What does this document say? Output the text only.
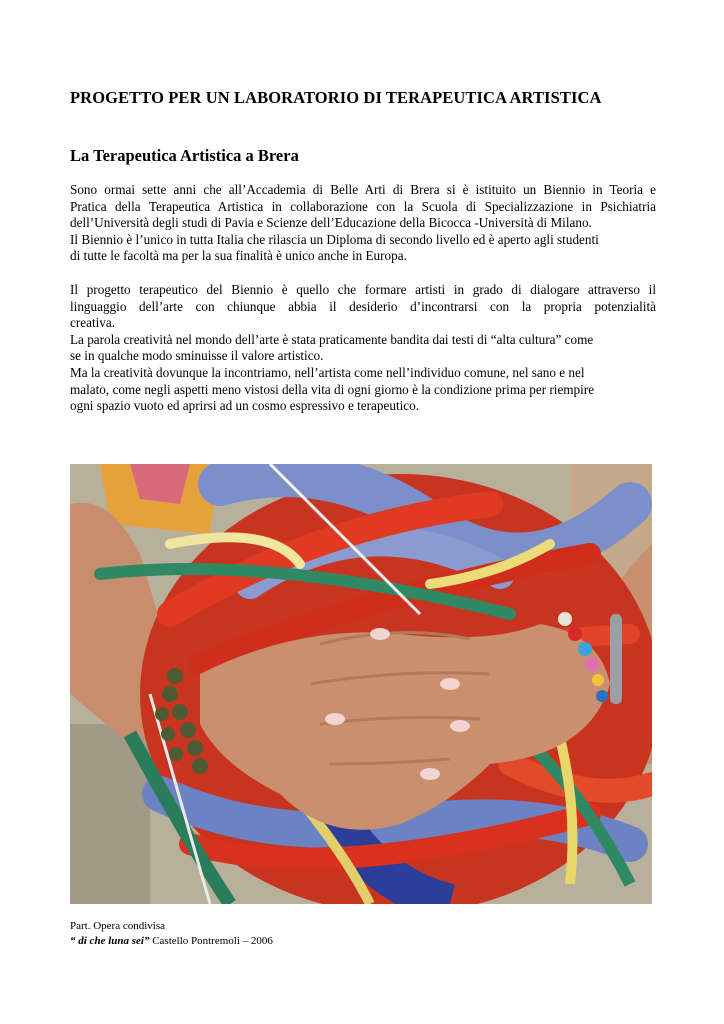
PROGETTO PER UN LABORATORIO DI TERAPEUTICA ARTISTICA
La Terapeutica Artistica a Brera
Sono ormai sette anni che all’Accademia di Belle Arti di Brera si è istituito un Biennio in Teoria e
Pratica della Terapeutica Artistica in collaborazione con la Scuola di Specializzazione in Psichiatria
dell’Università degli studi di Pavia e Scienze dell’Educazione della Bicocca -Università di Milano.
Il Biennio è l’unico in tutta Italia che rilascia un Diploma di secondo livello ed è aperto agli studenti
di tutte le facoltà ma per la sua finalità è unico anche in Europa.
Il progetto terapeutico del Biennio è quello che formare artisti in grado di dialogare attraverso il
linguaggio dell’arte con chiunque abbia il desiderio d’incontrarsi con la propria potenzialità
creativa.
La parola creatività nel mondo dell’arte è stata praticamente bandita dai testi di “alta cultura” come
se in qualche modo sminuisse il valore artistico.
Ma la creatività dovunque la incontriamo, nell’artista come nell’individuo comune, nel sano e nel
malato, come negli aspetti meno vistosi della vita di ogni giorno è la condizione prima per riempire
ogni spazio vuoto ed aprirsi ad un cosmo espressivo e terapeutico.
Part. Opera condivisa
“ di che luna sei” Castello Pontremoli – 2006
